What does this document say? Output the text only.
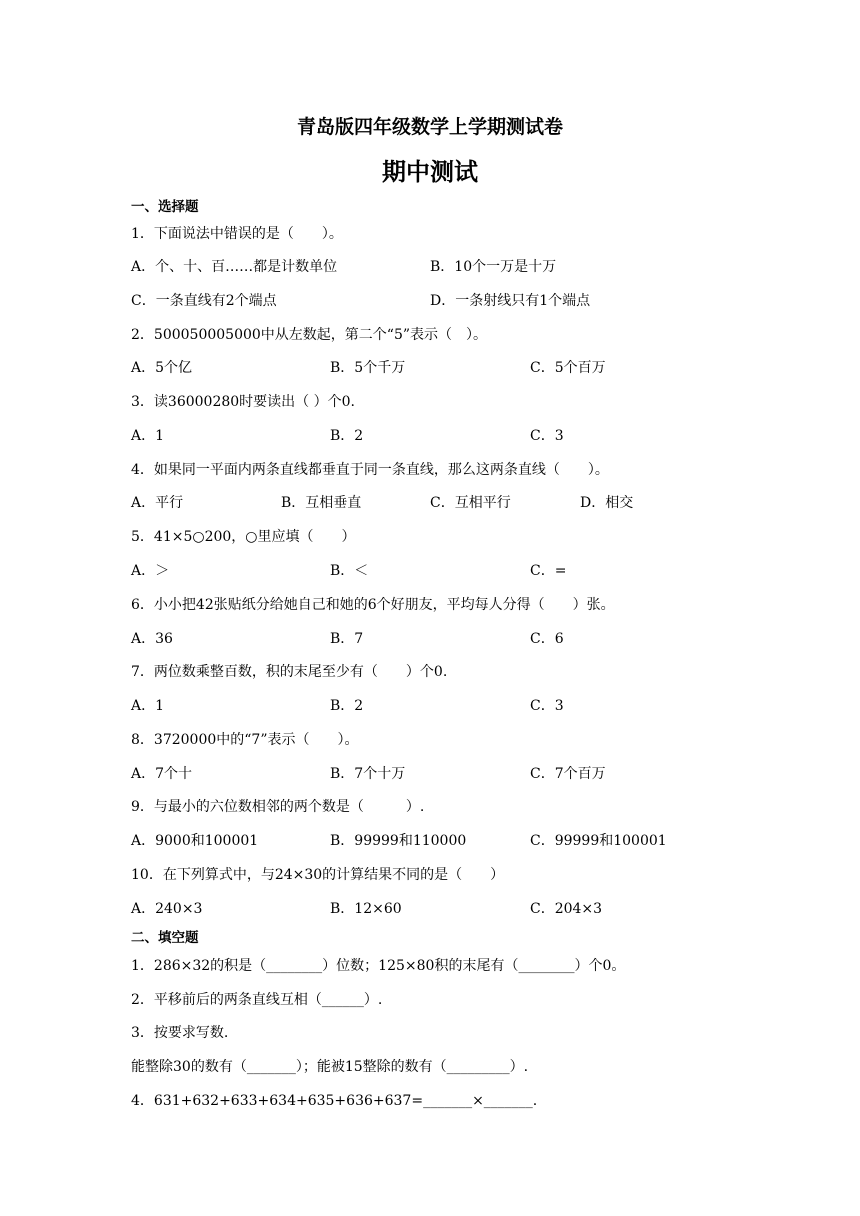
青岛版四年级数学上学期测试卷
期中测试
一、选择题
1．下面说法中错误的是（　　）。
A．个、十、百……都是计数单位	B．10个一万是十万
C．一条直线有2个端点	D．一条射线只有1个端点
2．500050005000中从左数起，第二个“5”表示（　）。
A．5个亿	B．5个千万	C．5个百万
3．读36000280时要读出（ ）个0.
A．1	B．2	C．3
4．如果同一平面内两条直线都垂直于同一条直线，那么这两条直线（　　）。
A．平行	B．互相垂直	C．互相平行	D．相交
5．41×5○200，○里应填（　　）
A．＞	B．＜	C．=
6．小小把42张贴纸分给她自己和她的6个好朋友，平均每人分得（　　）张。
A．36	B．7	C．6
7．两位数乘整百数，积的末尾至少有（　　）个0.
A．1	B．2	C．3
8．3720000中的“7”表示（　　）。
A．7个十	B．7个十万	C．7个百万
9．与最小的六位数相邻的两个数是（　　　）.
A．9000和100001	B．99999和110000	C．99999和100001
10．在下列算式中，与24×30的计算结果不同的是（　　）
A．240×3	B．12×60	C．204×3
二、填空题
1．286×32的积是（________）位数；125×80积的末尾有（________）个0。
2．平移前后的两条直线互相（______）.
3．按要求写数.
能整除30的数有（_______）；能被15整除的数有（_________）.
4．631+632+633+634+635+636+637=_______×_______.
